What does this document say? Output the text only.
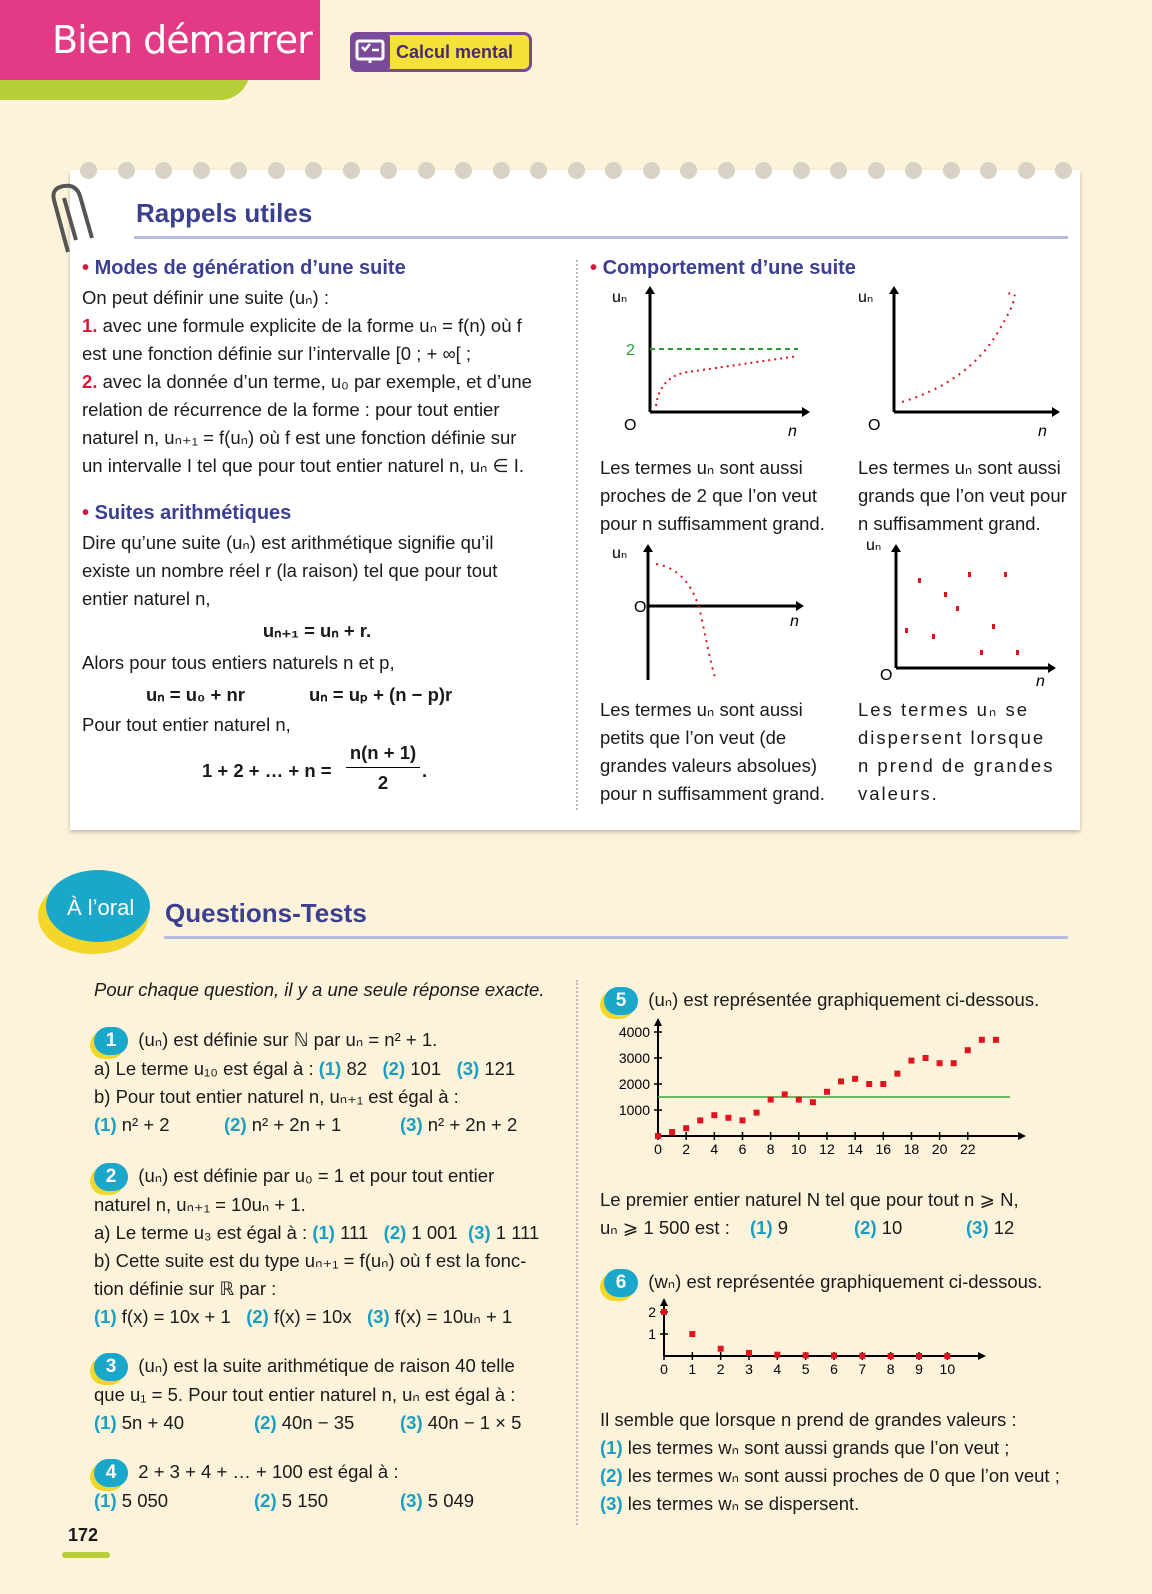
Bien démarrer	Calcul mental
Rappels utiles
• Modes de génération d’une suite
On peut définir une suite (uₙ) :
1. avec une formule explicite de la forme uₙ = f(n) où f
est une fonction définie sur l’intervalle [0 ; + ∞[ ;
2. avec la donnée d’un terme, u₀ par exemple, et d’une
relation de récurrence de la forme : pour tout entier
naturel n, uₙ₊₁ = f(uₙ) où f est une fonction définie sur
un intervalle I tel que pour tout entier naturel n, uₙ ∈ I.
• Suites arithmétiques
Dire qu’une suite (uₙ) est arithmétique signifie qu’il
existe un nombre réel r (la raison) tel que pour tout
entier naturel n,
uₙ₊₁ = uₙ + r.
Alors pour tous entiers naturels n et p,
uₙ = u₀ + nr	uₙ = uₚ + (n − p)r
Pour tout entier naturel n,
1 + 2 + … + n =
n(n + 1)
2
.
• Comportement d’une suite
uₙ
n
O
2
uₙ
n
O
Les termes uₙ sont aussi
proches de 2 que l’on veut
pour n suffisamment grand.
Les termes uₙ sont aussi
grands que l’on veut pour
n suffisamment grand.
uₙ
n
O
uₙ
n
O
Les termes uₙ sont aussi
petits que l’on veut (de
grandes valeurs absolues)
pour n suffisamment grand.
Les termes uₙ se
dispersent lorsque
n prend de grandes
valeurs.
À l’oral Questions-Tests
Pour chaque question, il y a une seule réponse exacte.
1 (uₙ) est définie sur ℕ par uₙ = n² + 1.
a) Le terme u₁₀ est égal à : (1) 82 (2) 101 (3) 121
b) Pour tout entier naturel n, uₙ₊₁ est égal à :
(1) n² + 2	(2) n² + 2n + 1	(3) n² + 2n + 2
2 (uₙ) est définie par u₀ = 1 et pour tout entier
naturel n, uₙ₊₁ = 10uₙ + 1.
a) Le terme u₃ est égal à : (1) 111 (2) 1 001 (3) 1 111
b) Cette suite est du type uₙ₊₁ = f(uₙ) où f est la fonc-
tion définie sur ℝ par :
(1) f(x) = 10x + 1 (2) f(x) = 10x (3) f(x) = 10uₙ + 1
3 (uₙ) est la suite arithmétique de raison 40 telle
que u₁ = 5. Pour tout entier naturel n, uₙ est égal à :
(1) 5n + 40	(2) 40n − 35 (3) 40n − 1 × 5
4 2 + 3 + 4 + … + 100 est égal à :
(1) 5 050	(2) 5 150	(3) 5 049
5 (uₙ) est représentée graphiquement ci-dessous.
0 2 4 6 8 10 12 14 16 18 20 22
1000
2000
3000
4000
Le premier entier naturel N tel que pour tout n ⩾ N,
uₙ ⩾ 1 500 est : (1) 9	(2) 10	(3) 12
6 (wₙ) est représentée graphiquement ci-dessous.
0 1 2 3 4 5 6 7 8 9 10
1
2
Il semble que lorsque n prend de grandes valeurs :
(1) les termes wₙ sont aussi grands que l’on veut ;
(2) les termes wₙ sont aussi proches de 0 que l’on veut ;
(3) les termes wₙ se dispersent.
172
